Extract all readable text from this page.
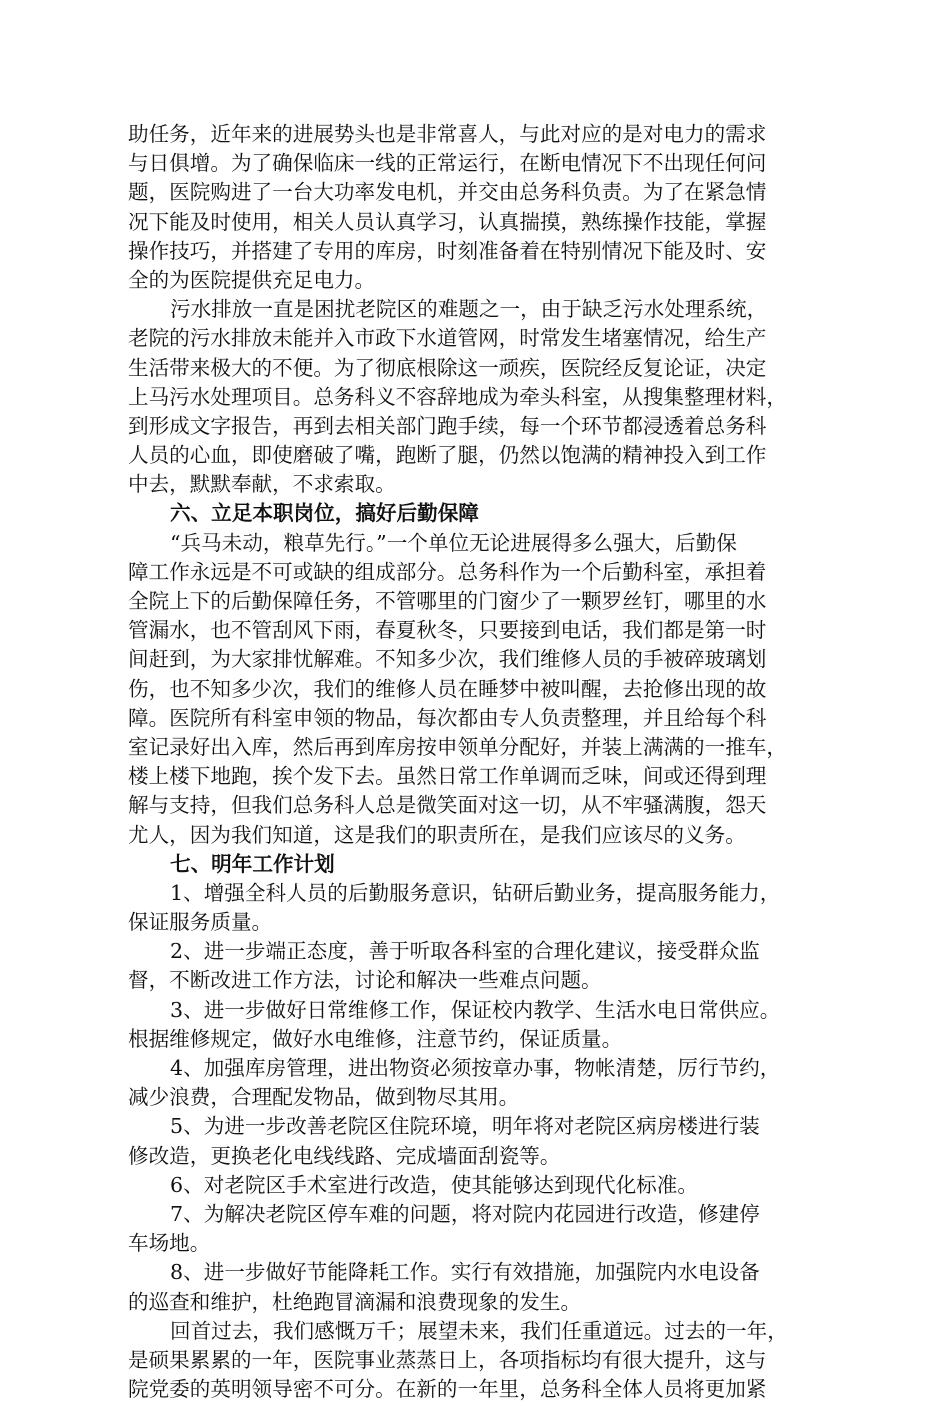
助任务，近年来的进展势头也是非常喜人，与此对应的是对电力的需求
与日俱增。为了确保临床一线的正常运行，在断电情况下不出现任何问
题，医院购进了一台大功率发电机，并交由总务科负责。为了在紧急情
况下能及时使用，相关人员认真学习，认真揣摸，熟练操作技能，掌握
操作技巧，并搭建了专用的库房，时刻准备着在特别情况下能及时、安
全的为医院提供充足电力。
污水排放一直是困扰老院区的难题之一，由于缺乏污水处理系统，
老院的污水排放未能并入市政下水道管网，时常发生堵塞情况，给生产
生活带来极大的不便。为了彻底根除这一顽疾，医院经反复论证，决定
上马污水处理项目。总务科义不容辞地成为牵头科室，从搜集整理材料，
到形成文字报告，再到去相关部门跑手续，每一个环节都浸透着总务科
人员的心血，即使磨破了嘴，跑断了腿，仍然以饱满的精神投入到工作
中去，默默奉献，不求索取。
六、立足本职岗位，搞好后勤保障
“兵马未动，粮草先行。”一个单位无论进展得多么强大，后勤保
障工作永远是不可或缺的组成部分。总务科作为一个后勤科室，承担着
全院上下的后勤保障任务，不管哪里的门窗少了一颗罗丝钉，哪里的水
管漏水，也不管刮风下雨，春夏秋冬，只要接到电话，我们都是第一时
间赶到，为大家排忧解难。不知多少次，我们维修人员的手被碎玻璃划
伤，也不知多少次，我们的维修人员在睡梦中被叫醒，去抢修出现的故
障。医院所有科室申领的物品，每次都由专人负责整理，并且给每个科
室记录好出入库，然后再到库房按申领单分配好，并装上满满的一推车，
楼上楼下地跑，挨个发下去。虽然日常工作单调而乏味，间或还得到理
解与支持，但我们总务科人总是微笑面对这一切，从不牢骚满腹，怨天
尤人，因为我们知道，这是我们的职责所在，是我们应该尽的义务。
七、明年工作计划
1、增强全科人员的后勤服务意识，钻研后勤业务，提高服务能力，
保证服务质量。
2、进一步端正态度，善于听取各科室的合理化建议，接受群众监
督，不断改进工作方法，讨论和解决一些难点问题。
3、进一步做好日常维修工作，保证校内教学、生活水电日常供应。
根据维修规定，做好水电维修，注意节约，保证质量。
4、加强库房管理，进出物资必须按章办事，物帐清楚，厉行节约，
减少浪费，合理配发物品，做到物尽其用。
5、为进一步改善老院区住院环境，明年将对老院区病房楼进行装
修改造，更换老化电线线路、完成墙面刮瓷等。
6、对老院区手术室进行改造，使其能够达到现代化标准。
7、为解决老院区停车难的问题，将对院内花园进行改造，修建停
车场地。
8、进一步做好节能降耗工作。实行有效措施，加强院内水电设备
的巡查和维护，杜绝跑冒滴漏和浪费现象的发生。
回首过去，我们感慨万千；展望未来，我们任重道远。过去的一年，
是硕果累累的一年，医院事业蒸蒸日上，各项指标均有很大提升，这与
院党委的英明领导密不可分。在新的一年里，总务科全体人员将更加紧
